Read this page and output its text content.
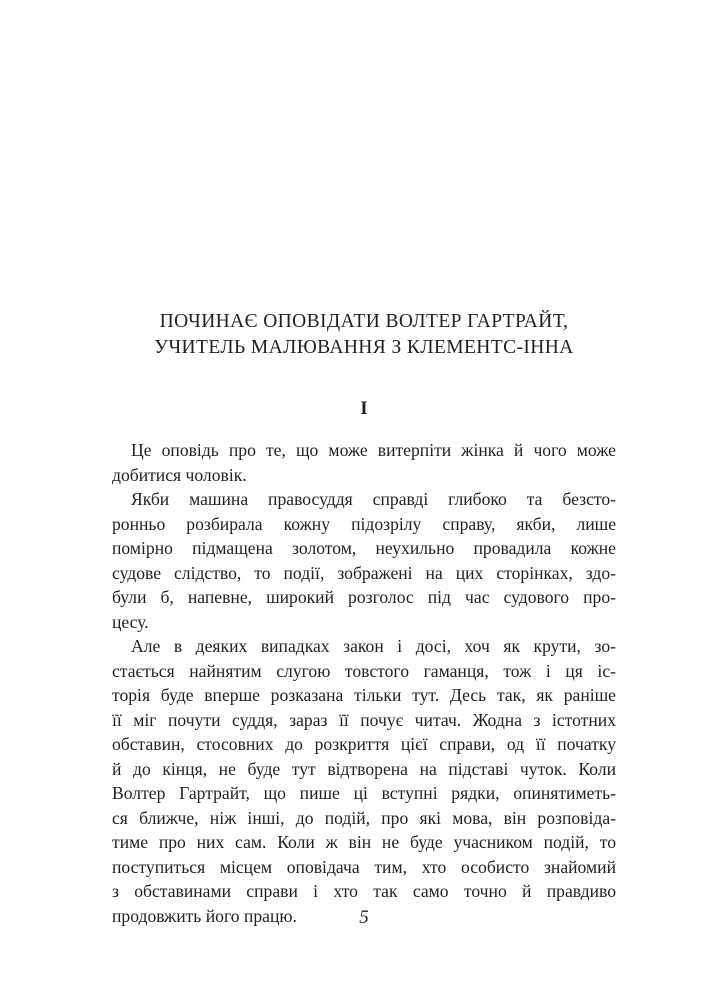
ПОЧИНАЄ ОПОВІДАТИ ВОЛТЕР ГАРТРАЙТ,
УЧИТЕЛЬ МАЛЮВАННЯ З КЛЕМЕНТС-ІННА
I
Це оповідь про те, що може витерпіти жінка й чого може
добитися чоловік.
Якби машина правосуддя справді глибоко та безсто-
ронньо розбирала кожну підозрілу справу, якби, лише
помірно підмащена золотом, неухильно провадила кожне
судове слідство, то події, зображені на цих сторінках, здо-
були б, напевне, широкий розголос під час судового про-
цесу.
Але в деяких випадках закон і досі, хоч як крути, зо-
стається найнятим слугою товстого гаманця, тож і ця іс-
торія буде вперше розказана тільки тут. Десь так, як раніше
її міг почути суддя, зараз її почує читач. Жодна з істотних
обставин, стосовних до розкриття цієї справи, од її початку
й до кінця, не буде тут відтворена на підставі чуток. Коли
Волтер Гартрайт, що пише ці вступні рядки, опинятиметь-
ся ближче, ніж інші, до подій, про які мова, він розповіда-
тиме про них сам. Коли ж він не буде учасником подій, то
поступиться місцем оповідача тим, хто особисто знайомий
з обставинами справи і хто так само точно й правдиво
продовжить його працю.	5
